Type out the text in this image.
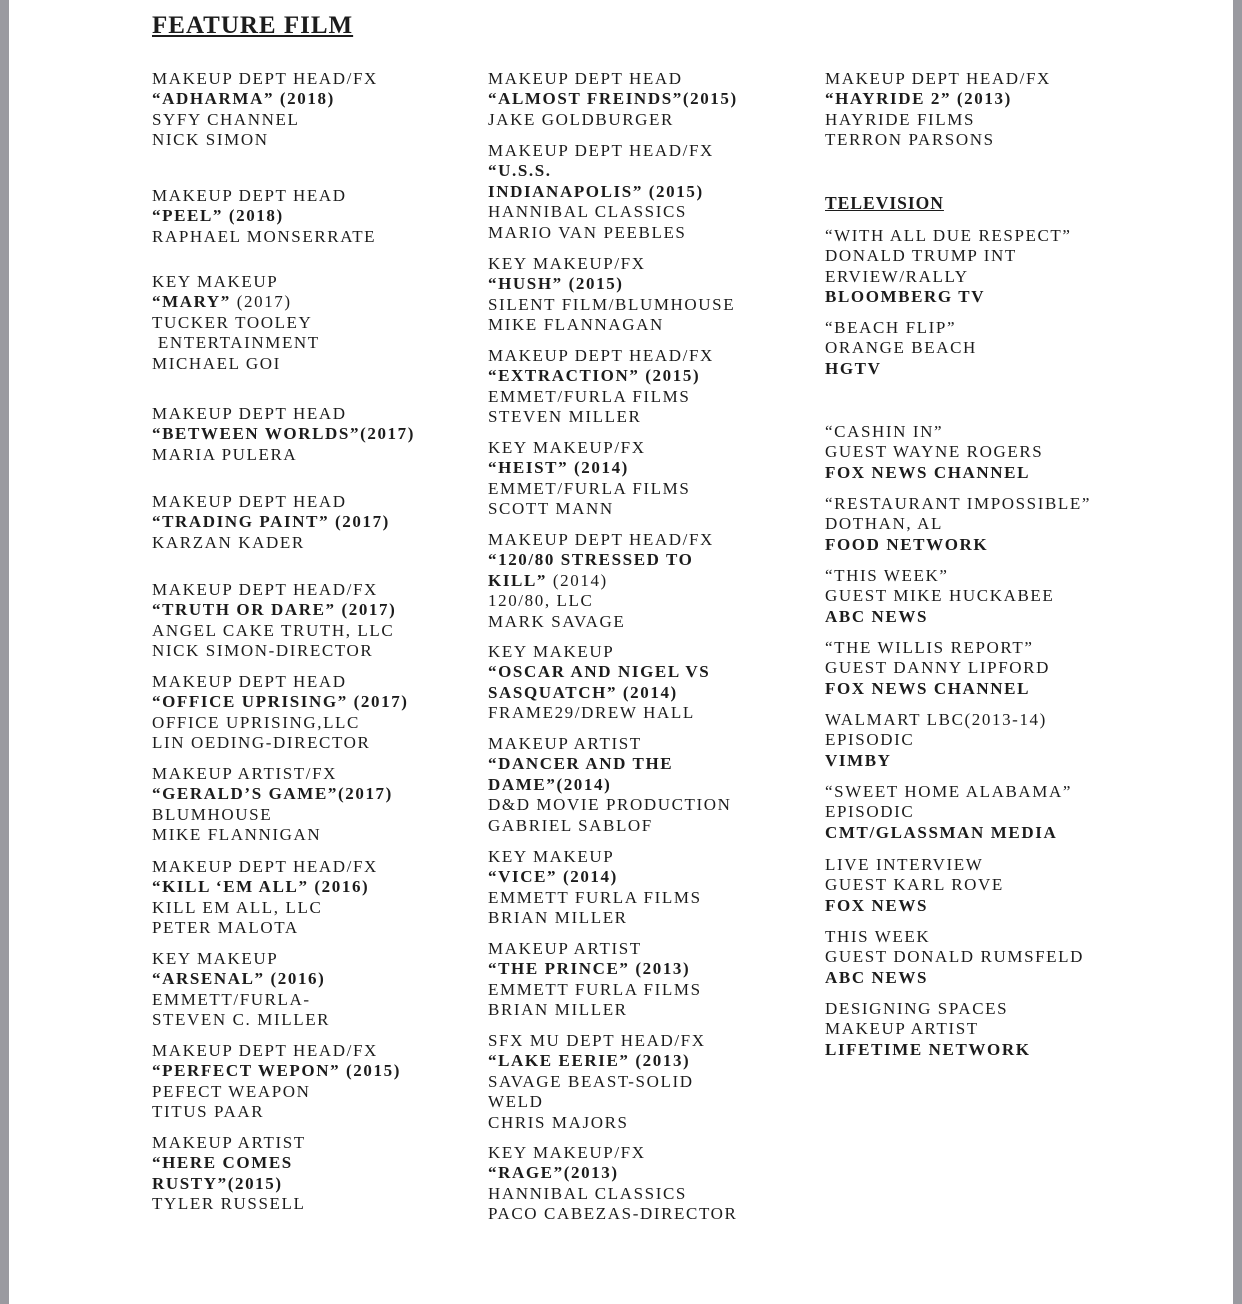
FEATURE FILM
TELEVISION
MAKEUP DEPT HEAD/FX
“ADHARMA” (2018)
SYFY CHANNEL
NICK SIMON
MAKEUP DEPT HEAD
“PEEL” (2018)
RAPHAEL MONSERRATE
KEY MAKEUP
“MARY” (2017)
TUCKER TOOLEY
ENTERTAINMENT
MICHAEL GOI
MAKEUP DEPT HEAD
“BETWEEN WORLDS”(2017)
MARIA PULERA
MAKEUP DEPT HEAD
“TRADING PAINT” (2017)
KARZAN KADER
MAKEUP DEPT HEAD/FX
“TRUTH OR DARE” (2017)
ANGEL CAKE TRUTH, LLC
NICK SIMON-DIRECTOR
MAKEUP DEPT HEAD
“OFFICE UPRISING” (2017)
OFFICE UPRISING,LLC
LIN OEDING-DIRECTOR
MAKEUP ARTIST/FX
“GERALD’S GAME”(2017)
BLUMHOUSE
MIKE FLANNIGAN
MAKEUP DEPT HEAD/FX
“KILL ‘EM ALL” (2016)
KILL EM ALL, LLC
PETER MALOTA
KEY MAKEUP
“ARSENAL” (2016)
EMMETT/FURLA-
STEVEN C. MILLER
MAKEUP DEPT HEAD/FX
“PERFECT WEPON” (2015)
PEFECT WEAPON
TITUS PAAR
MAKEUP ARTIST
“HERE COMES
RUSTY”(2015)
TYLER RUSSELL
MAKEUP DEPT HEAD
“ALMOST FREINDS”(2015)
JAKE GOLDBURGER
MAKEUP DEPT HEAD/FX
“U.S.S.
INDIANAPOLIS” (2015)
HANNIBAL CLASSICS
MARIO VAN PEEBLES
KEY MAKEUP/FX
“HUSH” (2015)
SILENT FILM/BLUMHOUSE
MIKE FLANNAGAN
MAKEUP DEPT HEAD/FX
“EXTRACTION” (2015)
EMMET/FURLA FILMS
STEVEN MILLER
KEY MAKEUP/FX
“HEIST” (2014)
EMMET/FURLA FILMS
SCOTT MANN
MAKEUP DEPT HEAD/FX
“120/80 STRESSED TO
KILL” (2014)
120/80, LLC
MARK SAVAGE
KEY MAKEUP
“OSCAR AND NIGEL VS
SASQUATCH” (2014)
FRAME29/DREW HALL
MAKEUP ARTIST
“DANCER AND THE
DAME”(2014)
D&D MOVIE PRODUCTION
GABRIEL SABLOF
KEY MAKEUP
“VICE” (2014)
EMMETT FURLA FILMS
BRIAN MILLER
MAKEUP ARTIST
“THE PRINCE” (2013)
EMMETT FURLA FILMS
BRIAN MILLER
SFX MU DEPT HEAD/FX
“LAKE EERIE” (2013)
SAVAGE BEAST-SOLID
WELD
CHRIS MAJORS
KEY MAKEUP/FX
“RAGE”(2013)
HANNIBAL CLASSICS
PACO CABEZAS-DIRECTOR
MAKEUP DEPT HEAD/FX
“HAYRIDE 2” (2013)
HAYRIDE FILMS
TERRON PARSONS
“WITH ALL DUE RESPECT”
DONALD TRUMP INT
ERVIEW/RALLY
BLOOMBERG TV
“BEACH FLIP”
ORANGE BEACH
HGTV
“CASHIN IN”
GUEST WAYNE ROGERS
FOX NEWS CHANNEL
“RESTAURANT IMPOSSIBLE”
DOTHAN, AL
FOOD NETWORK
“THIS WEEK”
GUEST MIKE HUCKABEE
ABC NEWS
“THE WILLIS REPORT”
GUEST DANNY LIPFORD
FOX NEWS CHANNEL
WALMART LBC(2013-14)
EPISODIC
VIMBY
“SWEET HOME ALABAMA”
EPISODIC
CMT/GLASSMAN MEDIA
LIVE INTERVIEW
GUEST KARL ROVE
FOX NEWS
THIS WEEK
GUEST DONALD RUMSFELD
ABC NEWS
DESIGNING SPACES
MAKEUP ARTIST
LIFETIME NETWORK
